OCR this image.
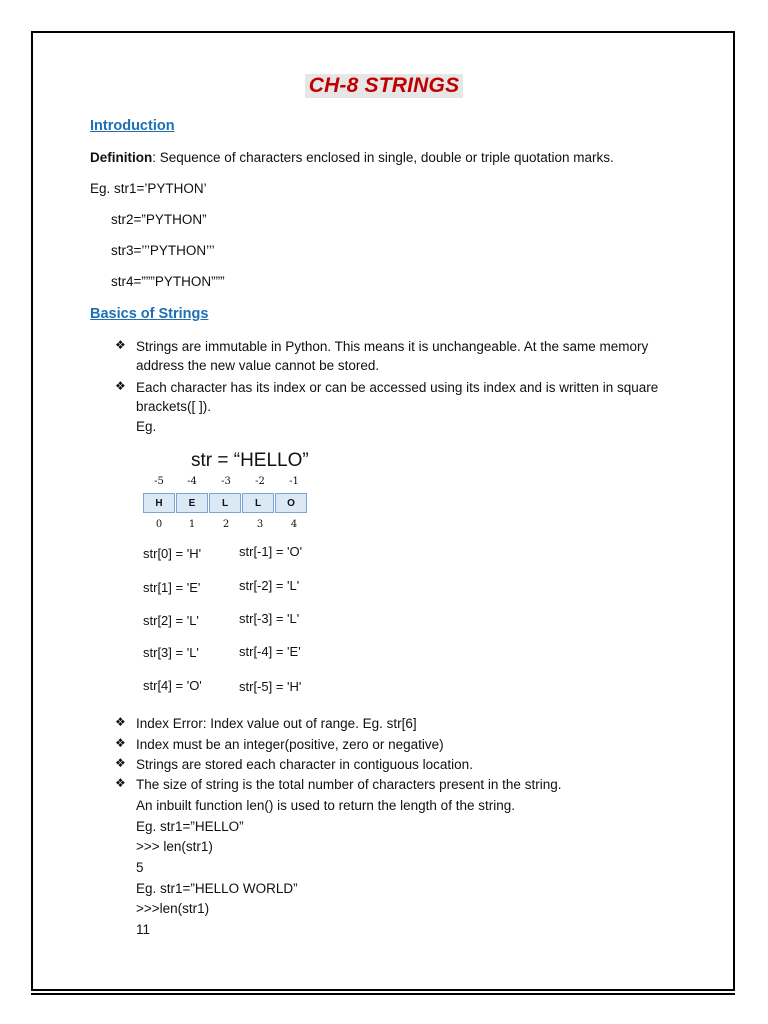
CH-8 STRINGS
Introduction
Definition: Sequence of characters enclosed in single, double or triple quotation marks.
Eg. str1=’PYTHON’
str2=”PYTHON”
str3=’’’PYTHON’’’
str4=”””PYTHON”””
Basics of Strings
❖ Strings are immutable in Python. This means it is unchangeable. At the same memory
address the new value cannot be stored.
❖ Each character has its index or can be accessed using its index and is written in square
brackets([ ]).
Eg.
str = “HELLO”
-5	-4	-3	-2	-1
H	E	L	L	O
0	1	2	3	4
str[0] = 'H'	str[-1] = 'O'
str[1] = 'E'	str[-2] = 'L'
str[2] = 'L'	str[-3] = 'L'
str[3] = 'L'	str[-4] = 'E'
str[4] = 'O'	str[-5] = 'H'
❖ Index Error: Index value out of range. Eg. str[6]
❖ Index must be an integer(positive, zero or negative)
❖ Strings are stored each character in contiguous location.
❖ The size of string is the total number of characters present in the string.
An inbuilt function len() is used to return the length of the string.
Eg. str1=”HELLO”
>>> len(str1)
5
Eg. str1=”HELLO WORLD”
>>>len(str1)
11
